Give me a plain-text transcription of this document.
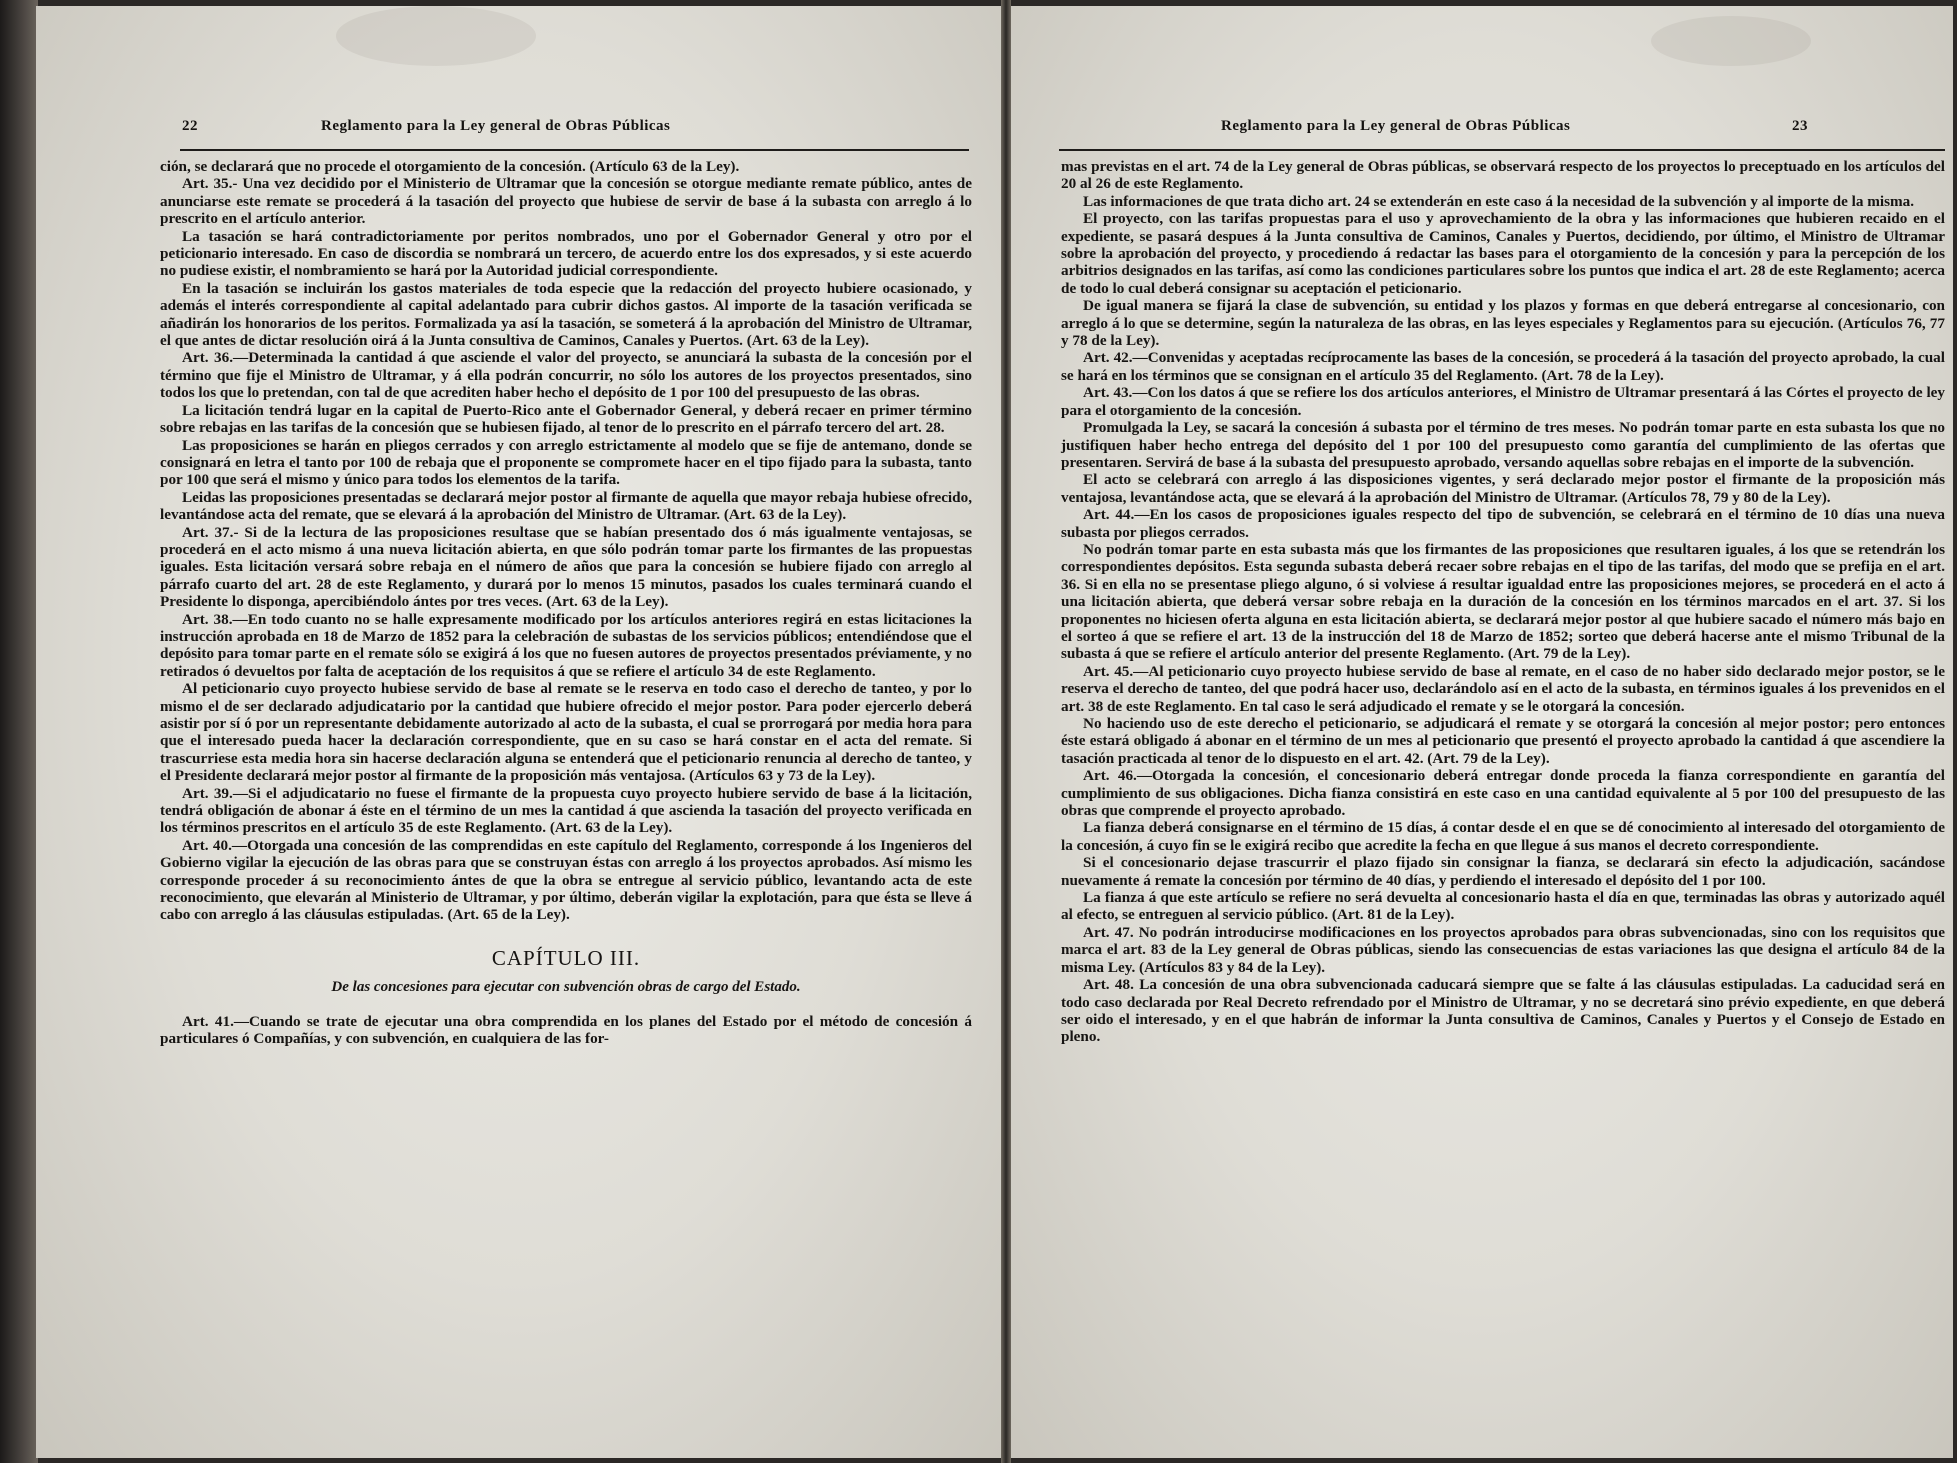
22	Reglamento para la Ley general de Obras Públicas

ción, se declarará que no procede el otorgamiento de la concesión. (Artículo 63 de la Ley).

Art. 35.- Una vez decidido por el Ministerio de Ultramar que la concesión se otorgue mediante remate público, antes de anunciarse este remate se procederá á la tasación del proyecto que hubiese de servir de base á la subasta con arreglo á lo prescrito en el artículo anterior.

La tasación se hará contradictoriamente por peritos nombrados, uno por el Gobernador General y otro por el peticionario interesado. En caso de discordia se nombrará un tercero, de acuerdo entre los dos expresados, y si este acuerdo no pudiese existir, el nombramiento se hará por la Autoridad judicial correspondiente.

En la tasación se incluirán los gastos materiales de toda especie que la redacción del proyecto hubiere ocasionado, y además el interés correspondiente al capital adelantado para cubrir dichos gastos. Al importe de la tasación verificada se añadirán los honorarios de los peritos. Formalizada ya así la tasación, se someterá á la aprobación del Ministro de Ultramar, el que antes de dictar resolución oirá á la Junta consultiva de Caminos, Canales y Puertos. (Art. 63 de la Ley).

Art. 36.—Determinada la cantidad á que asciende el valor del proyecto, se anunciará la subasta de la concesión por el término que fije el Ministro de Ultramar, y á ella podrán concurrir, no sólo los autores de los proyectos presentados, sino todos los que lo pretendan, con tal de que acrediten haber hecho el depósito de 1 por 100 del presupuesto de las obras.

La licitación tendrá lugar en la capital de Puerto-Rico ante el Gobernador General, y deberá recaer en primer término sobre rebajas en las tarifas de la concesión que se hubiesen fijado, al tenor de lo prescrito en el párrafo tercero del art. 28.

Las proposiciones se harán en pliegos cerrados y con arreglo estrictamente al modelo que se fije de antemano, donde se consignará en letra el tanto por 100 de rebaja que el proponente se compromete hacer en el tipo fijado para la subasta, tanto por 100 que será el mismo y único para todos los elementos de la tarifa.

Leidas las proposiciones presentadas se declarará mejor postor al firmante de aquella que mayor rebaja hubiese ofrecido, levantándose acta del remate, que se elevará á la aprobación del Ministro de Ultramar. (Art. 63 de la Ley).

Art. 37.- Si de la lectura de las proposiciones resultase que se habían presentado dos ó más igualmente ventajosas, se procederá en el acto mismo á una nueva licitación abierta, en que sólo podrán tomar parte los firmantes de las propuestas iguales. Esta licitación versará sobre rebaja en el número de años que para la concesión se hubiere fijado con arreglo al párrafo cuarto del art. 28 de este Reglamento, y durará por lo menos 15 minutos, pasados los cuales terminará cuando el Presidente lo disponga, apercibiéndolo ántes por tres veces. (Art. 63 de la Ley).

Art. 38.—En todo cuanto no se halle expresamente modificado por los artículos anteriores regirá en estas licitaciones la instrucción aprobada en 18 de Marzo de 1852 para la celebración de subastas de los servicios públicos; entendiéndose que el depósito para tomar parte en el remate sólo se exigirá á los que no fuesen autores de proyectos presentados préviamente, y no retirados ó devueltos por falta de aceptación de los requisitos á que se refiere el artículo 34 de este Reglamento.

Al peticionario cuyo proyecto hubiese servido de base al remate se le reserva en todo caso el derecho de tanteo, y por lo mismo el de ser declarado adjudicatario por la cantidad que hubiere ofrecido el mejor postor. Para poder ejercerlo deberá asistir por sí ó por un representante debidamente autorizado al acto de la subasta, el cual se prorrogará por media hora para que el interesado pueda hacer la declaración correspondiente, que en su caso se hará constar en el acta del remate. Si trascurriese esta media hora sin hacerse declaración alguna se entenderá que el peticionario renuncia al derecho de tanteo, y el Presidente declarará mejor postor al firmante de la proposición más ventajosa. (Artículos 63 y 73 de la Ley).

Art. 39.—Si el adjudicatario no fuese el firmante de la propuesta cuyo proyecto hubiere servido de base á la licitación, tendrá obligación de abonar á éste en el término de un mes la cantidad á que ascienda la tasación del proyecto verificada en los términos prescritos en el artículo 35 de este Reglamento. (Art. 63 de la Ley).

Art. 40.—Otorgada una concesión de las comprendidas en este capítulo del Reglamento, corresponde á los Ingenieros del Gobierno vigilar la ejecución de las obras para que se construyan éstas con arreglo á los proyectos aprobados. Así mismo les corresponde proceder á su reconocimiento ántes de que la obra se entregue al servicio público, levantando acta de este reconocimiento, que elevarán al Ministerio de Ultramar, y por último, deberán vigilar la explotación, para que ésta se lleve á cabo con arreglo á las cláusulas estipuladas. (Art. 65 de la Ley).

CAPÍTULO III.
De las concesiones para ejecutar con subvención obras de cargo del Estado.

Art. 41.—Cuando se trate de ejecutar una obra comprendida en los planes del Estado por el método de concesión á particulares ó Compañías, y con subvención, en cualquiera de las for-

Reglamento para la Ley general de Obras Públicas	23

mas previstas en el art. 74 de la Ley general de Obras públicas, se observará respecto de los proyectos lo preceptuado en los artículos del 20 al 26 de este Reglamento.

Las informaciones de que trata dicho art. 24 se extenderán en este caso á la necesidad de la subvención y al importe de la misma.

El proyecto, con las tarifas propuestas para el uso y aprovechamiento de la obra y las informaciones que hubieren recaido en el expediente, se pasará despues á la Junta consultiva de Caminos, Canales y Puertos, decidiendo, por último, el Ministro de Ultramar sobre la aprobación del proyecto, y procediendo á redactar las bases para el otorgamiento de la concesión y para la percepción de los arbitrios designados en las tarifas, así como las condiciones particulares sobre los puntos que indica el art. 28 de este Reglamento; acerca de todo lo cual deberá consignar su aceptación el peticionario.

De igual manera se fijará la clase de subvención, su entidad y los plazos y formas en que deberá entregarse al concesionario, con arreglo á lo que se determine, según la naturaleza de las obras, en las leyes especiales y Reglamentos para su ejecución. (Artículos 76, 77 y 78 de la Ley).

Art. 42.—Convenidas y aceptadas recíprocamente las bases de la concesión, se procederá á la tasación del proyecto aprobado, la cual se hará en los términos que se consignan en el artículo 35 del Reglamento. (Art. 78 de la Ley).

Art. 43.—Con los datos á que se refiere los dos artículos anteriores, el Ministro de Ultramar presentará á las Córtes el proyecto de ley para el otorgamiento de la concesión.

Promulgada la Ley, se sacará la concesión á subasta por el término de tres meses. No podrán tomar parte en esta subasta los que no justifiquen haber hecho entrega del depósito del 1 por 100 del presupuesto como garantía del cumplimiento de las ofertas que presentaren. Servirá de base á la subasta del presupuesto aprobado, versando aquellas sobre rebajas en el importe de la subvención.

El acto se celebrará con arreglo á las disposiciones vigentes, y será declarado mejor postor el firmante de la proposición más ventajosa, levantándose acta, que se elevará á la aprobación del Ministro de Ultramar. (Artículos 78, 79 y 80 de la Ley).

Art. 44.—En los casos de proposiciones iguales respecto del tipo de subvención, se celebrará en el término de 10 días una nueva subasta por pliegos cerrados.

No podrán tomar parte en esta subasta más que los firmantes de las proposiciones que resultaren iguales, á los que se retendrán los correspondientes depósitos. Esta segunda subasta deberá recaer sobre rebajas en el tipo de las tarifas, del modo que se prefija en el art. 36. Si en ella no se presentase pliego alguno, ó si volviese á resultar igualdad entre las proposiciones mejores, se procederá en el acto á una licitación abierta, que deberá versar sobre rebaja en la duración de la concesión en los términos marcados en el art. 37. Si los proponentes no hiciesen oferta alguna en esta licitación abierta, se declarará mejor postor al que hubiere sacado el número más bajo en el sorteo á que se refiere el art. 13 de la instrucción del 18 de Marzo de 1852; sorteo que deberá hacerse ante el mismo Tribunal de la subasta á que se refiere el artículo anterior del presente Reglamento. (Art. 79 de la Ley).

Art. 45.—Al peticionario cuyo proyecto hubiese servido de base al remate, en el caso de no haber sido declarado mejor postor, se le reserva el derecho de tanteo, del que podrá hacer uso, declarándolo así en el acto de la subasta, en términos iguales á los prevenidos en el art. 38 de este Reglamento. En tal caso le será adjudicado el remate y se le otorgará la concesión.

No haciendo uso de este derecho el peticionario, se adjudicará el remate y se otorgará la concesión al mejor postor; pero entonces éste estará obligado á abonar en el término de un mes al peticionario que presentó el proyecto aprobado la cantidad á que ascendiere la tasación practicada al tenor de lo dispuesto en el art. 42. (Art. 79 de la Ley).

Art. 46.—Otorgada la concesión, el concesionario deberá entregar donde proceda la fianza correspondiente en garantía del cumplimiento de sus obligaciones. Dicha fianza consistirá en este caso en una cantidad equivalente al 5 por 100 del presupuesto de las obras que comprende el proyecto aprobado.

La fianza deberá consignarse en el término de 15 días, á contar desde el en que se dé conocimiento al interesado del otorgamiento de la concesión, á cuyo fin se le exigirá recibo que acredite la fecha en que llegue á sus manos el decreto correspondiente.

Si el concesionario dejase trascurrir el plazo fijado sin consignar la fianza, se declarará sin efecto la adjudicación, sacándose nuevamente á remate la concesión por término de 40 días, y perdiendo el interesado el depósito del 1 por 100.

La fianza á que este artículo se refiere no será devuelta al concesionario hasta el día en que, terminadas las obras y autorizado aquél al efecto, se entreguen al servicio público. (Art. 81 de la Ley).

Art. 47. No podrán introducirse modificaciones en los proyectos aprobados para obras subvencionadas, sino con los requisitos que marca el art. 83 de la Ley general de Obras públicas, siendo las consecuencias de estas variaciones las que designa el artículo 84 de la misma Ley. (Artículos 83 y 84 de la Ley).

Art. 48. La concesión de una obra subvencionada caducará siempre que se falte á las cláusulas estipuladas. La caducidad será en todo caso declarada por Real Decreto refrendado por el Ministro de Ultramar, y no se decretará sino prévio expediente, en que deberá ser oido el interesado, y en el que habrán de informar la Junta consultiva de Caminos, Canales y Puertos y el Consejo de Estado en pleno.
